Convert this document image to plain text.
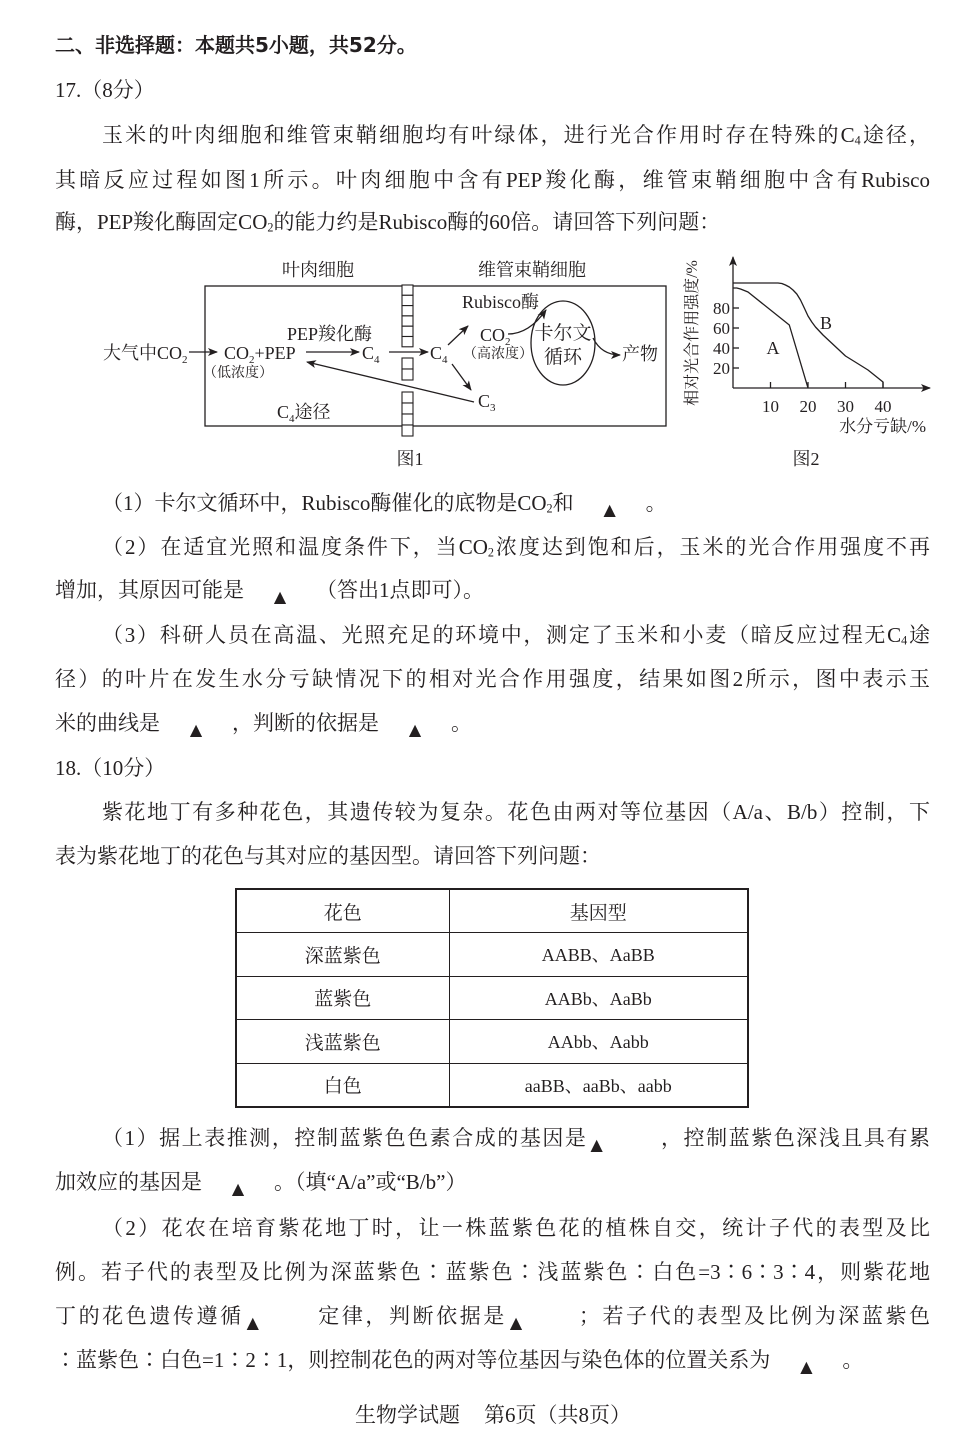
二、非选择题：本题共5小题，共52分。
17.（8分）
玉米的叶肉细胞和维管束鞘细胞均有叶绿体，进行光合作用时存在特殊的$C_4$途径，
其暗反应过程如图1所示。叶肉细胞中含有PEP羧化酶，维管束鞘细胞中含有Rubisco
酶，PEP羧化酶固定$CO_2$的能力约是Rubisco酶的60倍。请回答下列问题：
叶肉细胞	维管束鞘细胞
大气中$CO_2$ $CO_2+PEP$
（低浓度）
PEP羧化酶
$C_4$	$C_4$
$CO_2$
（高浓度）
Rubisco酶
卡尔文
循环 产物
$C_3$
$C_4$途径
图1
相对光合作用强度/%
水分亏缺/%
A
B
图2
20
40
60
80
10 20 30 40
（1）卡尔文循环中，Rubisco酶催化的底物是$CO_2$和 ▲ 。
（2）在适宜光照和温度条件下，当$CO_2$浓度达到饱和后，玉米的光合作用强度不再
增加，其原因可能是 ▲ （答出1点即可）。
（3）科研人员在高温、光照充足的环境中，测定了玉米和小麦（暗反应过程无$C_4$途
径）的叶片在发生水分亏缺情况下的相对光合作用强度，结果如图2所示，图中表示玉
米的曲线是 ▲ ，判断的依据是 ▲ 。
18.（10分）
紫花地丁有多种花色，其遗传较为复杂。花色由两对等位基因（A/a、B/b）控制，下
表为紫花地丁的花色与其对应的基因型。请回答下列问题：
花色	基因型
深蓝紫色	AABB、AaBB
蓝紫色	AABb、AaBb
浅蓝紫色	AAbb、Aabb
白色	aaBB、aaBb、aabb
（1）据上表推测，控制蓝紫色色素合成的基因是 ▲	，控制蓝紫色深浅且具有累
加效应的基因是 ▲ 。（填“A/a”或“B/b”）
（2）花农在培育紫花地丁时，让一株蓝紫色花的植株自交，统计子代的表型及比
例。若子代的表型及比例为深蓝紫色∶蓝紫色∶浅蓝紫色∶白色=3∶6∶3∶4，则紫花地
丁的花色遗传遵循 ▲	定律，判断依据是 ▲	；若子代的表型及比例为深蓝紫色
∶蓝紫色∶白色=1∶2∶1，则控制花色的两对等位基因与染色体的位置关系为 ▲ 。
生物学试题 第6页（共8页）
